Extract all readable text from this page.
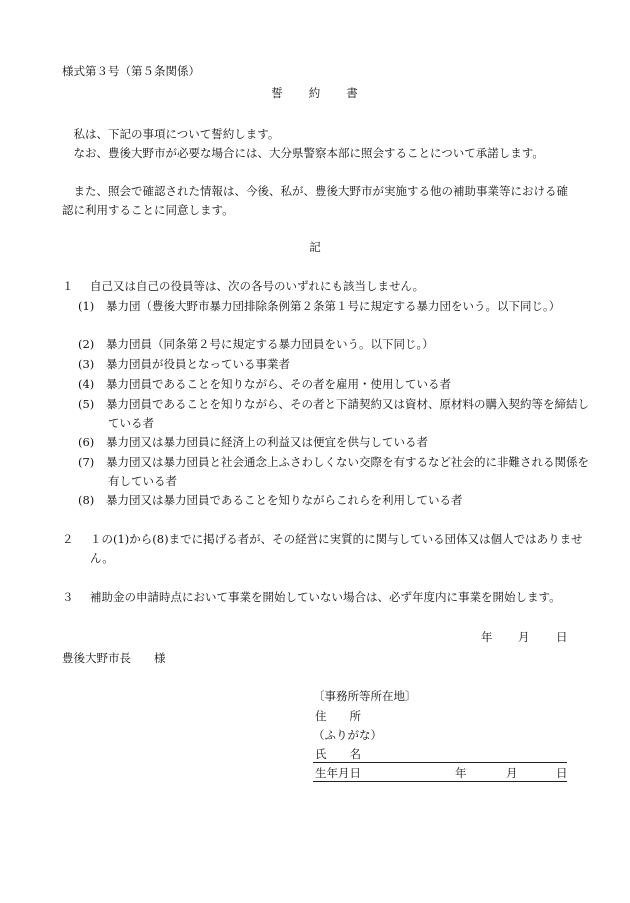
様式第３号（第５条関係）
誓　　約　　書
私は、下記の事項について誓約します。
なお、豊後大野市が必要な場合には、大分県警察本部に照会することについて承諾します。
また、照会で確認された情報は、今後、私が、豊後大野市が実施する他の補助事業等における確認に利用することに同意します。
記
１ 自己又は自己の役員等は、次の各号のいずれにも該当しません。
(1) 暴力団（豊後大野市暴力団排除条例第２条第１号に規定する暴力団をいう。以下同じ。）
(2) 暴力団員（同条第２号に規定する暴力団員をいう。以下同じ。）
(3) 暴力団員が役員となっている事業者
(4) 暴力団員であることを知りながら、その者を雇用・使用している者
(5) 暴力団員であることを知りながら、その者と下請契約又は資材、原材料の購入契約等を締結している者
(6) 暴力団又は暴力団員に経済上の利益又は便宜を供与している者
(7) 暴力団又は暴力団員と社会通念上ふさわしくない交際を有するなど社会的に非難される関係を有している者
(8) 暴力団又は暴力団員であることを知りながらこれらを利用している者
２ １の(1)から(8)までに掲げる者が、その経営に実質的に関与している団体又は個人ではありません。
３ 補助金の申請時点において事業を開始していない場合は、必ず年度内に事業を開始します。
年 月 日
豊後大野市長　　様
〔事務所等所在地〕
住　　所
（ふりがな）
氏　　名
生年月日	年	月	日
